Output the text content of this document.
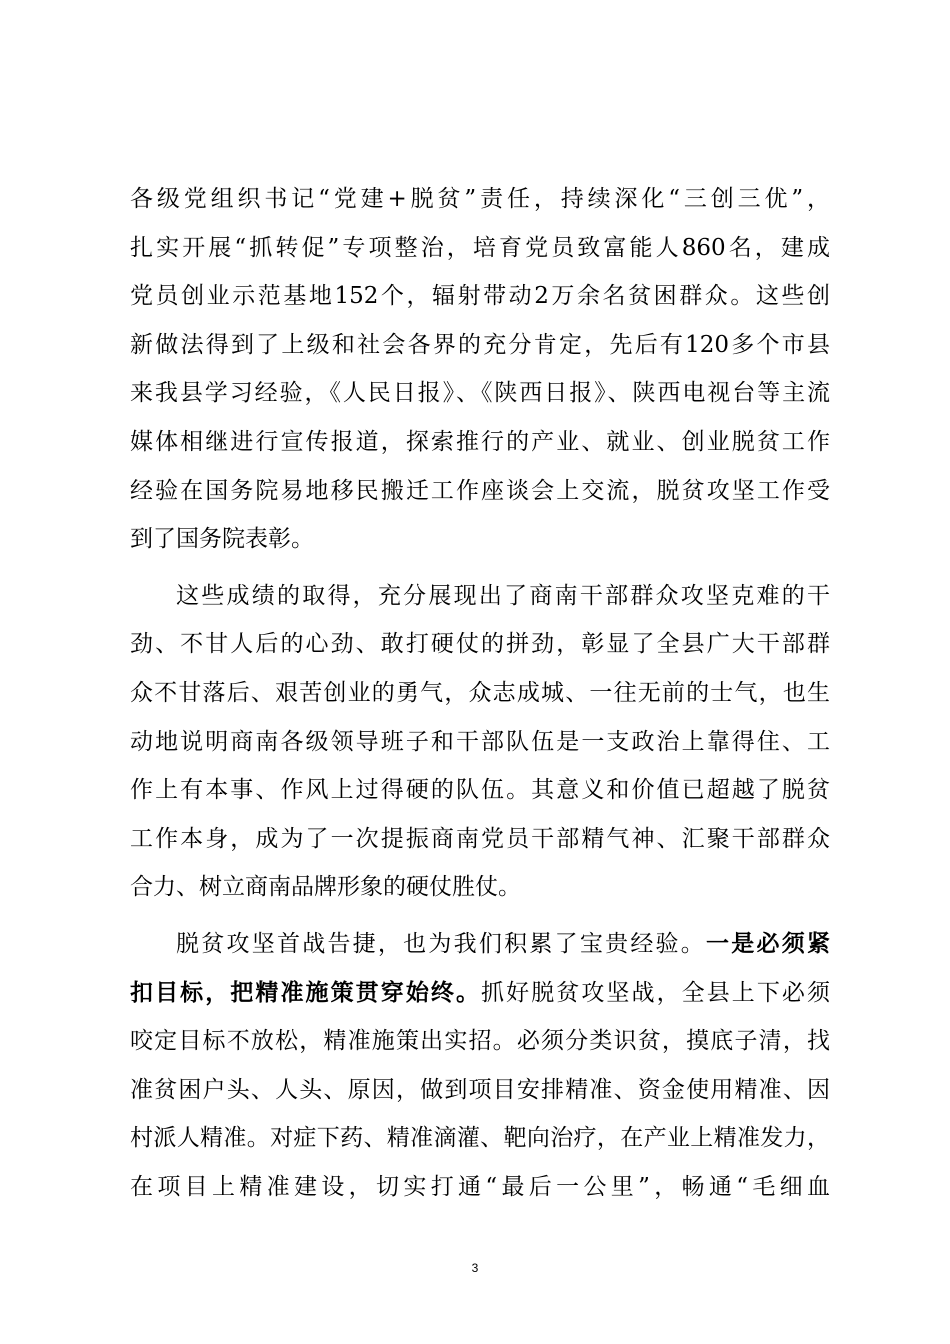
各级党组织书记“党建+脱贫”责任，持续深化“三创三优”，
扎实开展“抓转促”专项整治，培育党员致富能人860名，建成
党员创业示范基地152个，辐射带动2万余名贫困群众。这些创
新做法得到了上级和社会各界的充分肯定，先后有120多个市县
来我县学习经验，《人民日报》、《陕西日报》、陕西电视台等主流
媒体相继进行宣传报道，探索推行的产业、就业、创业脱贫工作
经验在国务院易地移民搬迁工作座谈会上交流，脱贫攻坚工作受
到了国务院表彰。
这些成绩的取得，充分展现出了商南干部群众攻坚克难的干
劲、不甘人后的心劲、敢打硬仗的拼劲，彰显了全县广大干部群
众不甘落后、艰苦创业的勇气，众志成城、一往无前的士气，也生
动地说明商南各级领导班子和干部队伍是一支政治上靠得住、工
作上有本事、作风上过得硬的队伍。其意义和价值已超越了脱贫
工作本身，成为了一次提振商南党员干部精气神、汇聚干部群众
合力、树立商南品牌形象的硬仗胜仗。
脱贫攻坚首战告捷，也为我们积累了宝贵经验。一是必须紧
扣目标，把精准施策贯穿始终。抓好脱贫攻坚战，全县上下必须
咬定目标不放松，精准施策出实招。必须分类识贫，摸底子清，找
准贫困户头、人头、原因，做到项目安排精准、资金使用精准、因
村派人精准。对症下药、精准滴灌、靶向治疗，在产业上精准发力，
在项目上精准建设，切实打通“最后一公里”，畅通“毛细血
3
